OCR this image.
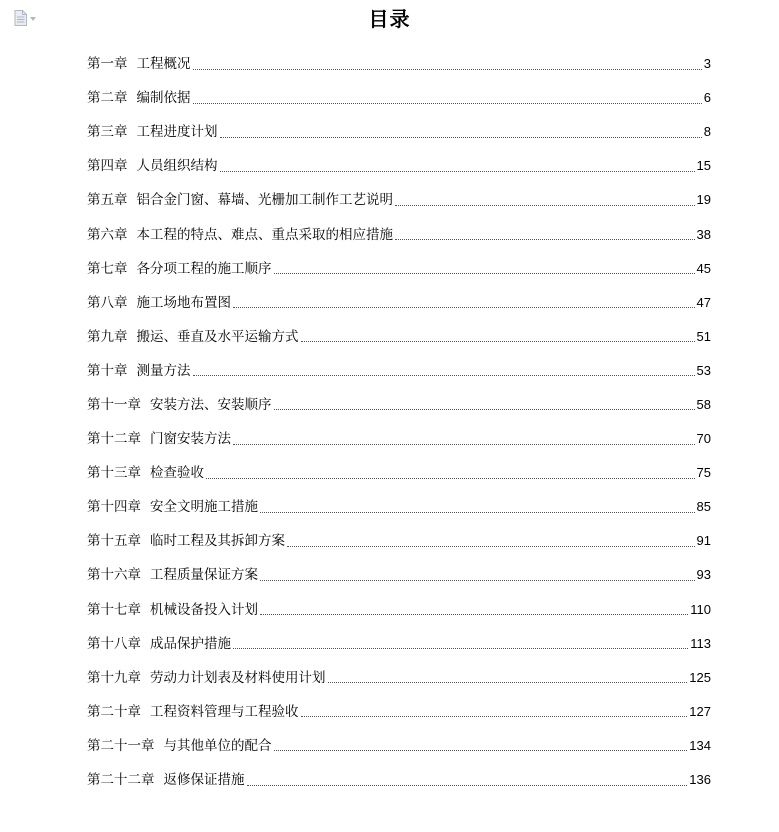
目录
第一章 工程概况	3
第二章 编制依据	6
第三章 工程进度计划	8
第四章 人员组织结构	15
第五章 铝合金门窗、幕墙、光栅加工制作工艺说明	19
第六章 本工程的特点、难点、重点采取的相应措施	38
第七章 各分项工程的施工顺序	45
第八章 施工场地布置图	47
第九章 搬运、垂直及水平运输方式	51
第十章 测量方法	53
第十一章 安装方法、安装顺序	58
第十二章 门窗安装方法	70
第十三章 检查验收	75
第十四章 安全文明施工措施	85
第十五章 临时工程及其拆卸方案	91
第十六章 工程质量保证方案	93
第十七章 机械设备投入计划	110
第十八章 成品保护措施	113
第十九章 劳动力计划表及材料使用计划	125
第二十章 工程资料管理与工程验收	127
第二十一章 与其他单位的配合	134
第二十二章 返修保证措施	136
